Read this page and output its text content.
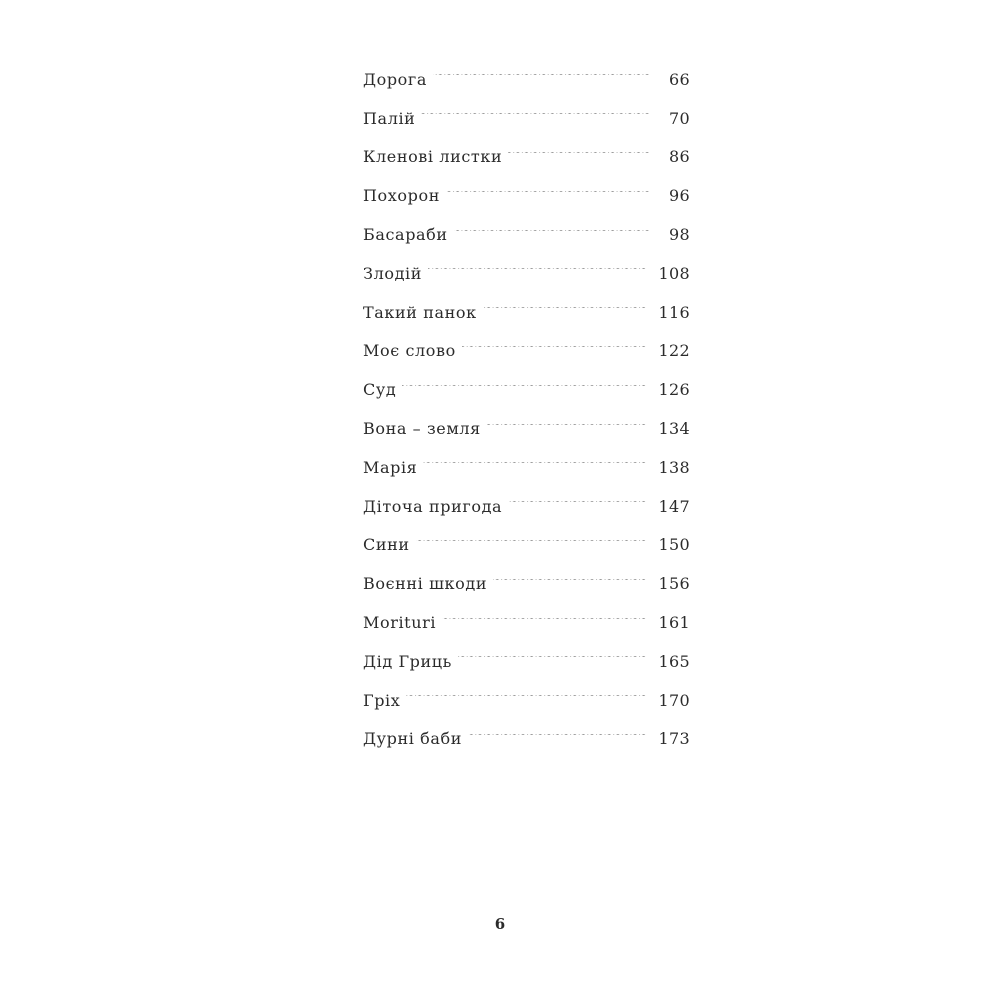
Дорога ~~~~~	66
Палій ~~~~~	70
Кленові листки ~~~~~	86
Похорон ~~~~~	96
Басараби ~~~~~	98
Злодій ~~~~~	108
Такий панок ~~~~~	116
Моє слово ~~~~~	122
Суд ~~~~~	126
Вона – земля ~~~~~	134
Марія ~~~~~	138
Діточа пригода ~~~~~	147
Сини ~~~~~	150
Воєнні шкоди ~~~~~	156
Moriturі ~~~~~	161
Дід Гриць ~~~~~	165
Гріх ~~~~~	170
Дурні баби ~~~~~	173
6
